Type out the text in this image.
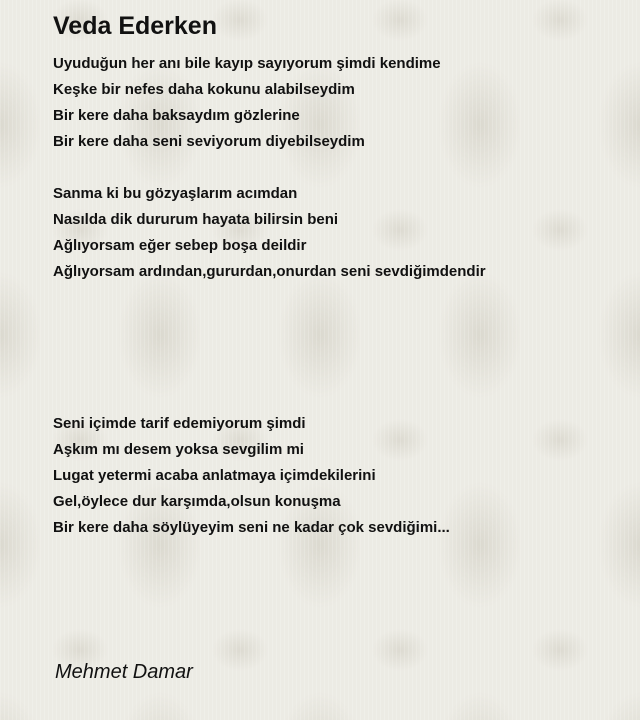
Veda Ederken
Uyuduğun her anı bile kayıp sayıyorum şimdi kendime
Keşke bir nefes daha kokunu alabilseydim
Bir kere daha baksaydım gözlerine
Bir kere daha seni seviyorum diyebilseydim
Sanma ki bu gözyaşlarım acımdan
Nasılda dik dururum hayata bilirsin beni
Ağlıyorsam eğer sebep boşa deildir
Ağlıyorsam ardından,gururdan,onurdan seni sevdiğimdendir
Seni içimde tarif edemiyorum şimdi
Aşkım mı desem yoksa sevgilim mi
Lugat yetermi acaba anlatmaya içimdekilerini
Gel,öylece dur karşımda,olsun konuşma
Bir kere daha söylüyeyim seni ne kadar çok sevdiğimi...

Mehmet Damar
